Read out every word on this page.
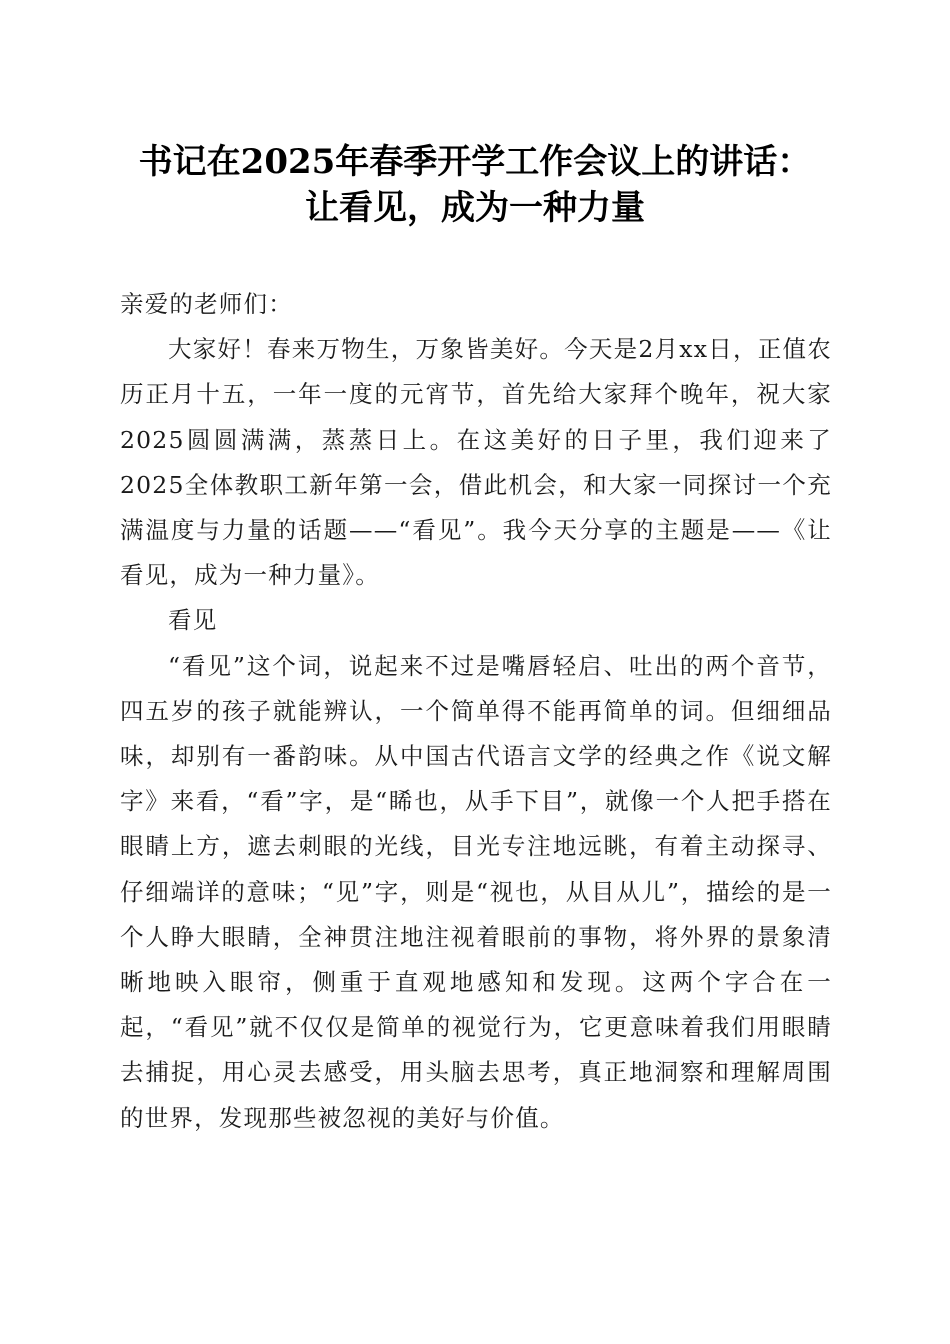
书记在2025年春季开学工作会议上的讲话：
让看见，成为一种力量

亲爱的老师们：

大家好！春来万物生，万象皆美好。今天是2月xx日，正值农历正月十五，一年一度的元宵节，首先给大家拜个晚年，祝大家2025圆圆满满，蒸蒸日上。在这美好的日子里，我们迎来了2025全体教职工新年第一会，借此机会，和大家一同探讨一个充满温度与力量的话题——“看见”。我今天分享的主题是——《让看见，成为一种力量》。

看见

“看见”这个词，说起来不过是嘴唇轻启、吐出的两个音节，四五岁的孩子就能辨认，一个简单得不能再简单的词。但细细品味，却别有一番韵味。从中国古代语言文学的经典之作《说文解字》来看，“看”字，是“睎也，从手下目”，就像一个人把手搭在眼睛上方，遮去刺眼的光线，目光专注地远眺，有着主动探寻、仔细端详的意味；“见”字，则是“视也，从目从儿”，描绘的是一个人睁大眼睛，全神贯注地注视着眼前的事物，将外界的景象清晰地映入眼帘，侧重于直观地感知和发现。这两个字合在一起，“看见”就不仅仅是简单的视觉行为，它更意味着我们用眼睛去捕捉，用心灵去感受，用头脑去思考，真正地洞察和理解周围的世界，发现那些被忽视的美好与价值。
